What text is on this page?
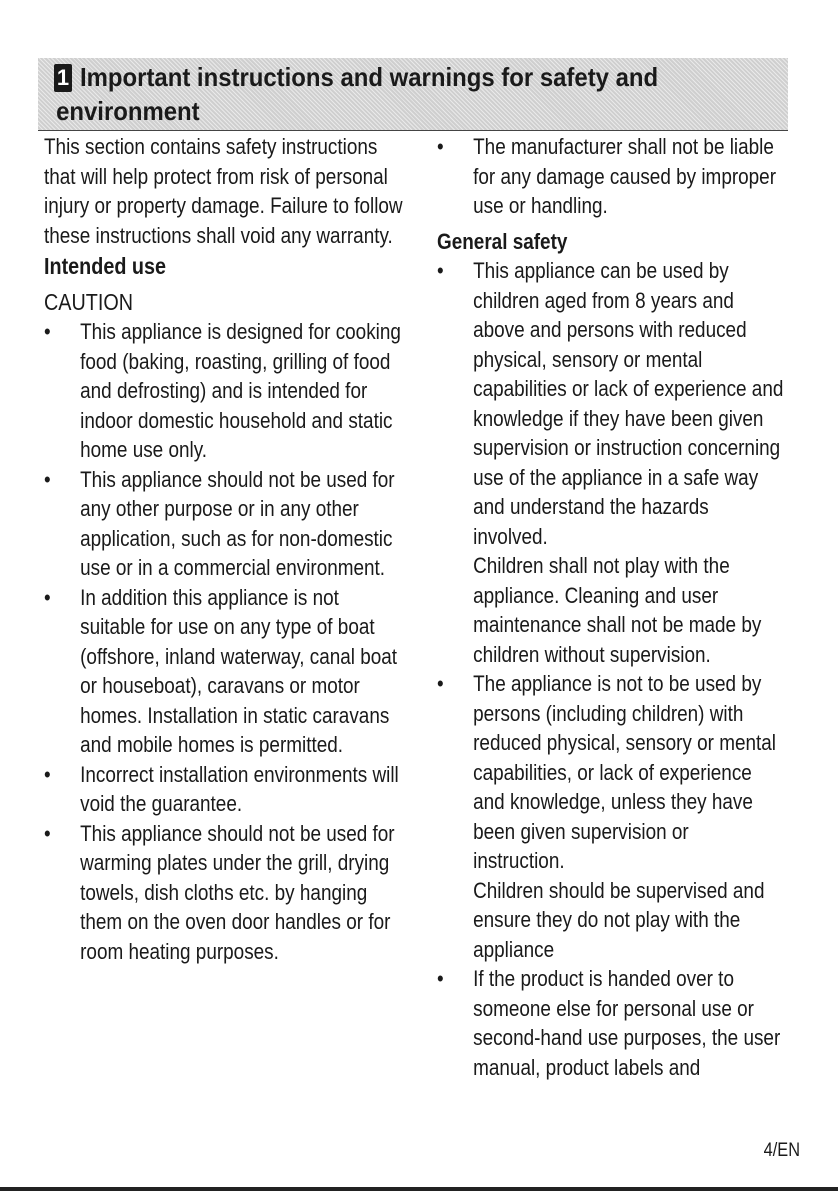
1 Important instructions and warnings for safety and
environment

This section contains safety instructions that will help protect from risk of personal injury or property damage. Failure to follow these instructions shall void any warranty.

Intended use

CAUTION

• This appliance is designed for cooking food (baking, roasting, grilling of food and defrosting) and is intended for indoor domestic household and static home use only.
• This appliance should not be used for any other purpose or in any other application, such as for non-domestic use or in a commercial environment.
• In addition this appliance is not suitable for use on any type of boat (offshore, inland waterway, canal boat or houseboat), caravans or motor homes. Installation in static caravans and mobile homes is permitted.
• Incorrect installation environments will void the guarantee.
• This appliance should not be used for warming plates under the grill, drying towels, dish cloths etc. by hanging them on the oven door handles or for room heating purposes.
• The manufacturer shall not be liable for any damage caused by improper use or handling.

General safety

• This appliance can be used by children aged from 8 years and above and persons with reduced physical, sensory or mental capabilities or lack of experience and knowledge if they have been given supervision or instruction concerning use of the appliance in a safe way and understand the hazards involved.
Children shall not play with the appliance. Cleaning and user maintenance shall not be made by children without supervision.
• The appliance is not to be used by persons (including children) with reduced physical, sensory or mental capabilities, or lack of experience and knowledge, unless they have been given supervision or instruction.
Children should be supervised and ensure they do not play with the appliance
• If the product is handed over to someone else for personal use or second-hand use purposes, the user manual, product labels and
4/EN
